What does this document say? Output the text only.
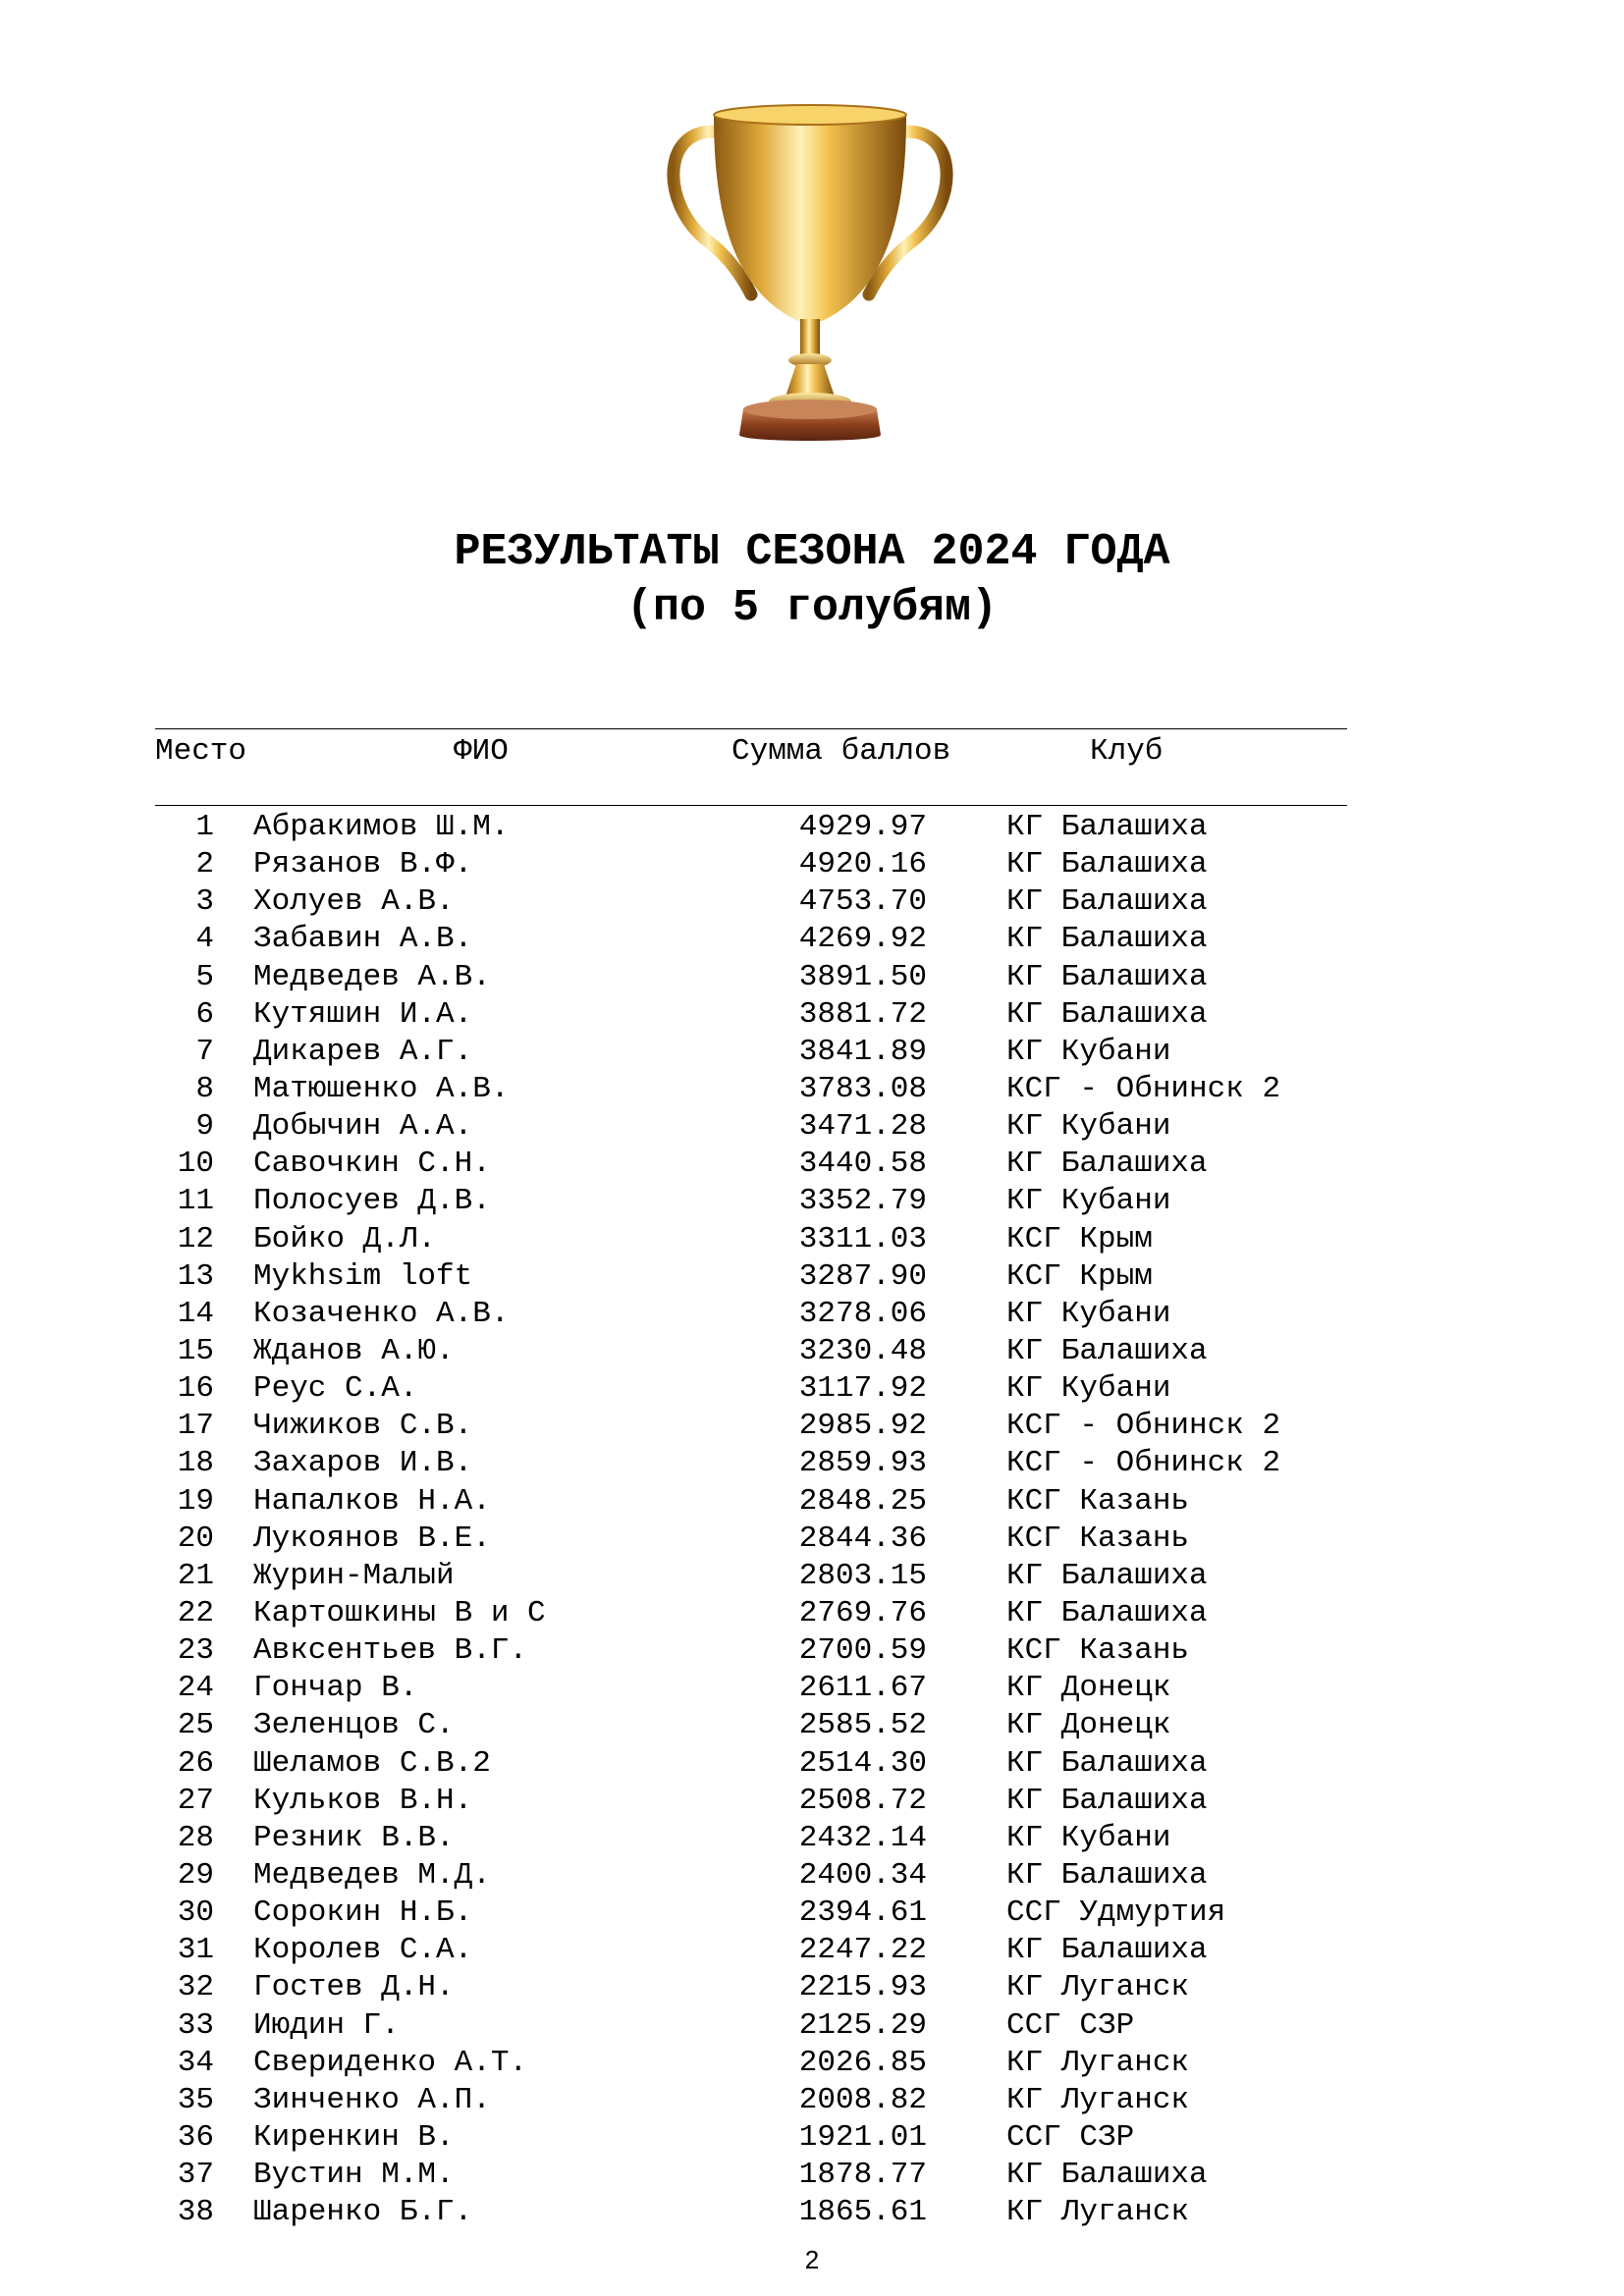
РЕЗУЛЬТАТЫ СЕЗОНА 2024 ГОДА
(по 5 голубям)
Место	ФИО	Сумма баллов	Клуб
1 Абракимов Ш.М.	4929.97	КГ Балашиха
2 Рязанов В.Ф.	4920.16	КГ Балашиха
3 Холуев А.В.	4753.70	КГ Балашиха
4 Забавин А.В.	4269.92	КГ Балашиха
5 Медведев А.В.	3891.50	КГ Балашиха
6 Кутяшин И.А.	3881.72	КГ Балашиха
7 Дикарев А.Г.	3841.89	КГ Кубани
8 Матюшенко А.В.	3783.08	КСГ - Обнинск 2
9 Добычин А.А.	3471.28	КГ Кубани
10 Савочкин С.Н.	3440.58	КГ Балашиха
11 Полосуев Д.В.	3352.79	КГ Кубани
12 Бойко Д.Л.	3311.03	КСГ Крым
13 Mykhsim loft	3287.90	КСГ Крым
14 Козаченко А.В.	3278.06	КГ Кубани
15 Жданов А.Ю.	3230.48	КГ Балашиха
16 Реус С.А.	3117.92	КГ Кубани
17 Чижиков С.В.	2985.92	КСГ - Обнинск 2
18 Захаров И.В.	2859.93	КСГ - Обнинск 2
19 Напалков Н.А.	2848.25	КСГ Казань
20 Лукоянов В.Е.	2844.36	КСГ Казань
21 Журин-Малый	2803.15	КГ Балашиха
22 Картошкины В и С	2769.76	КГ Балашиха
23 Авксентьев В.Г.	2700.59	КСГ Казань
24 Гончар В.	2611.67	КГ Донецк
25 Зеленцов С.	2585.52	КГ Донецк
26 Шеламов С.В.2	2514.30	КГ Балашиха
27 Кульков В.Н.	2508.72	КГ Балашиха
28 Резник В.В.	2432.14	КГ Кубани
29 Медведев М.Д.	2400.34	КГ Балашиха
30 Сорокин Н.Б.	2394.61	ССГ Удмуртия
31 Королев С.А.	2247.22	КГ Балашиха
32 Гостев Д.Н.	2215.93	КГ Луганск
33 Июдин Г.	2125.29	ССГ СЗР
34 Свериденко А.Т.	2026.85	КГ Луганск
35 Зинченко А.П.	2008.82	КГ Луганск
36 Киренкин В.	1921.01	ССГ СЗР
37 Вустин М.М.	1878.77	КГ Балашиха
38 Шаренко Б.Г.	1865.61	КГ Луганск
2
